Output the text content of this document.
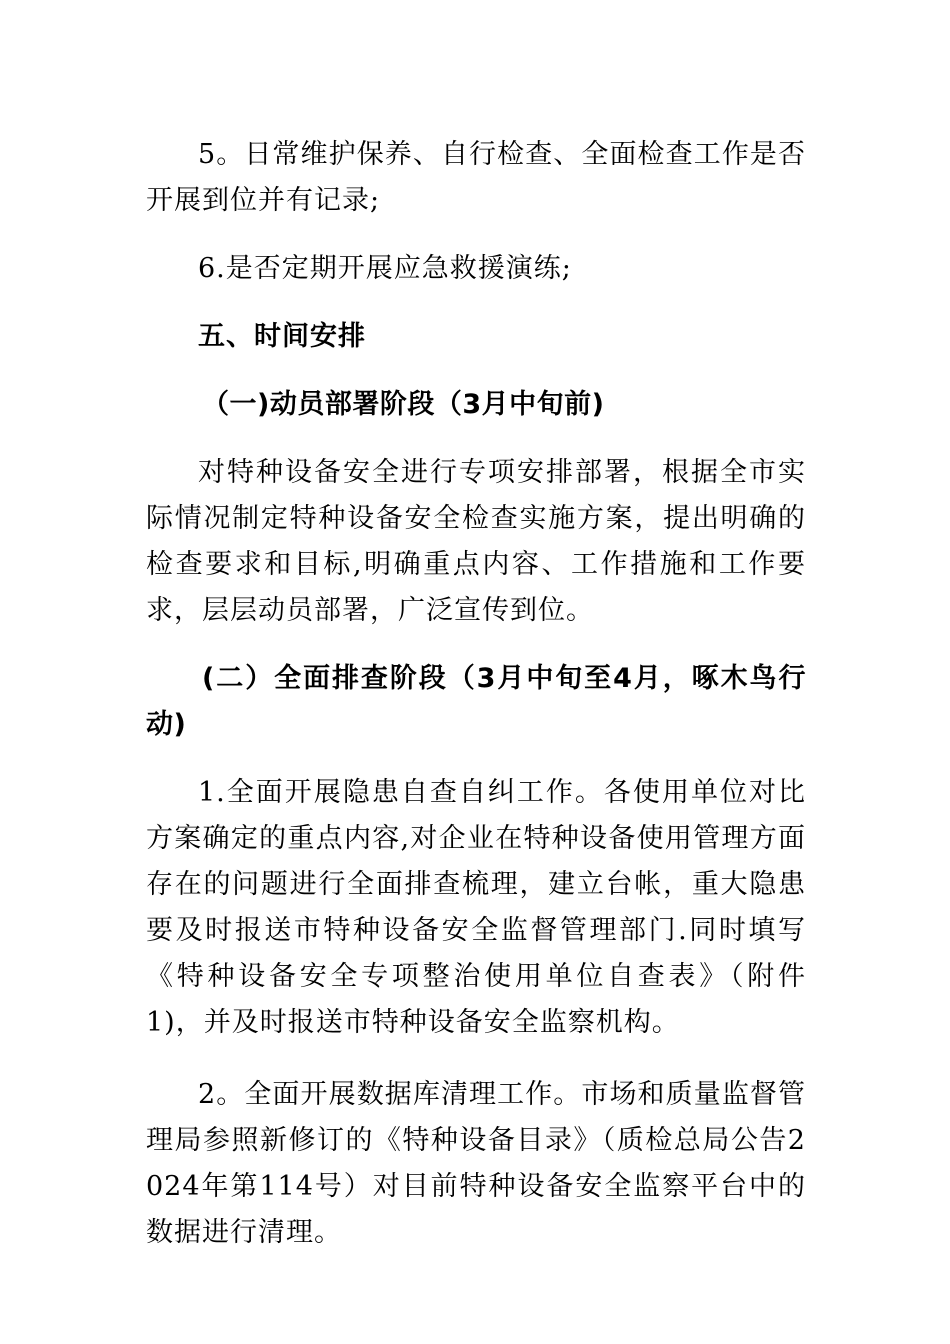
5。日常维护保养、自行检查、全面检查工作是否开展到位并有记录;

6.是否定期开展应急救援演练;

五、时间安排

（一)动员部署阶段（3月中旬前)

对特种设备安全进行专项安排部署，根据全市实际情况制定特种设备安全检查实施方案，提出明确的检查要求和目标,明确重点内容、工作措施和工作要求，层层动员部署，广泛宣传到位。

(二）全面排查阶段（3月中旬至4月，啄木鸟行动)

1.全面开展隐患自查自纠工作。各使用单位对比方案确定的重点内容,对企业在特种设备使用管理方面存在的问题进行全面排查梳理，建立台帐，重大隐患要及时报送市特种设备安全监督管理部门.同时填写《特种设备安全专项整治使用单位自查表》（附件1)，并及时报送市特种设备安全监察机构。

2。全面开展数据库清理工作。市场和质量监督管理局参照新修订的《特种设备目录》（质检总局公告2024年第114号）对目前特种设备安全监察平台中的数据进行清理。
